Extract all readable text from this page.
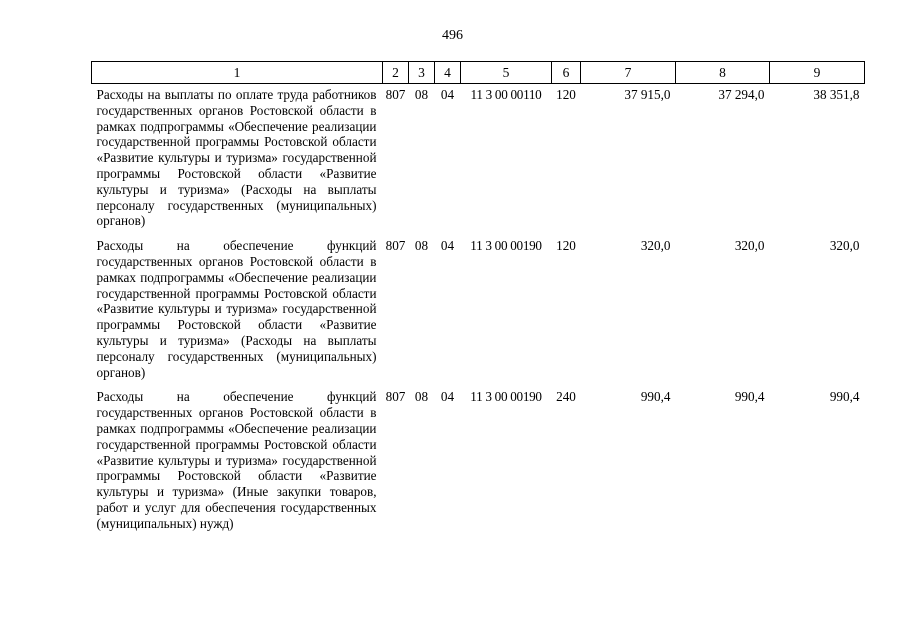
496
1	2	3	4	5	6	7	8	9
Расходы на выплаты по оплате труда работников государственных органов Ростовской области в рамках подпрограммы «Обеспечение реализации государственной программы Ростовской области «Развитие культуры и туризма» государственной программы Ростовской области «Развитие культуры и туризма» (Расходы на выплаты персоналу государственных (муниципальных) органов)	807	08	04	11 3 00 00110	120	37 915,0	37 294,0	38 351,8
Расходы на обеспечение функций государственных органов Ростовской области в рамках подпрограммы «Обеспечение реализации государственной программы Ростовской области «Развитие культуры и туризма» государственной программы Ростовской области «Развитие культуры и туризма» (Расходы на выплаты персоналу государственных (муниципальных) органов)	807	08	04	11 3 00 00190	120	320,0	320,0	320,0
Расходы на обеспечение функций государственных органов Ростовской области в рамках подпрограммы «Обеспечение реализации государственной программы Ростовской области «Развитие культуры и туризма» государственной программы Ростовской области «Развитие культуры и туризма» (Иные закупки товаров, работ и услуг для обеспечения государственных (муниципальных) нужд)	807	08	04	11 3 00 00190	240	990,4	990,4	990,4
